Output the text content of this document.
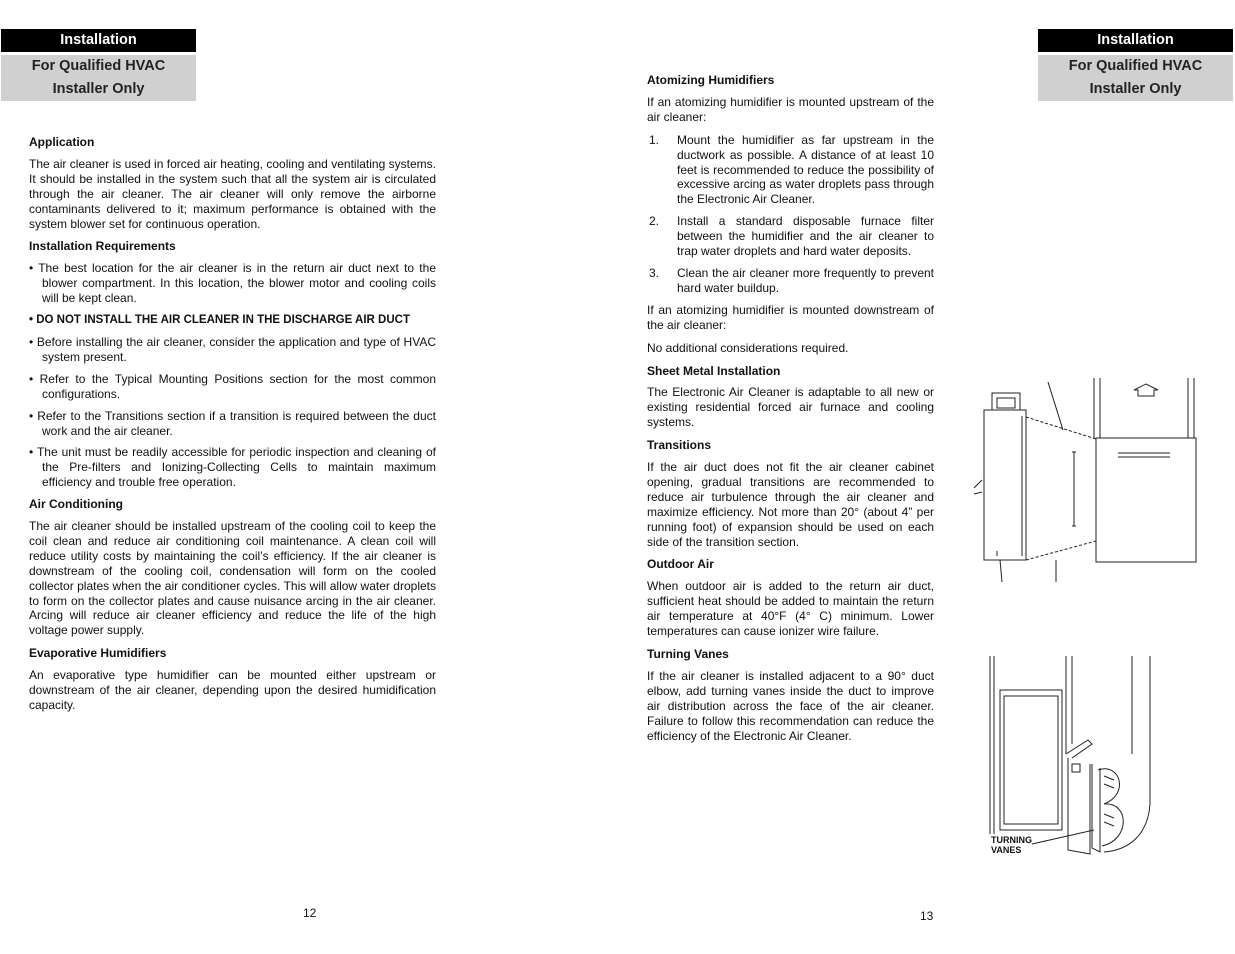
Installation
For Qualified HVAC
Installer Only
Installation
For Qualified HVAC
Installer Only
Application

The air cleaner is used in forced air heating, cooling and ventilating systems. It should be installed in the system such that all the system air is circulated through the air cleaner. The air cleaner will only remove the airborne contaminants delivered to it; maximum performance is obtained with the system blower set for continuous operation.

Installation Requirements
• The best location for the air cleaner is in the return air duct next to the blower compartment. In this location, the blower motor and cooling coils will be kept clean.
• DO NOT INSTALL THE AIR CLEANER IN THE DISCHARGE AIR DUCT
• Before installing the air cleaner, consider the application and type of HVAC system present.
• Refer to the Typical Mounting Positions section for the most common configurations.
• Refer to the Transitions section if a transition is required between the duct work and the air cleaner.
• The unit must be readily accessible for periodic inspection and cleaning of the Pre-filters and Ionizing-Collecting Cells to maintain maximum efficiency and trouble free operation.
Air Conditioning

The air cleaner should be installed upstream of the cooling coil to keep the coil clean and reduce air conditioning coil maintenance. A clean coil will reduce utility costs by maintaining the coil’s efficiency. If the air cleaner is downstream of the cooling coil, condensation will form on the cooled collector plates when the air conditioner cycles. This will allow water droplets to form on the collector plates and cause nuisance arcing in the air cleaner. Arcing will reduce air cleaner efficiency and reduce the life of the high voltage power supply.

Evaporative Humidifiers

An evaporative type humidifier can be mounted either upstream or downstream of the air cleaner, depending upon the desired humidification capacity.

12
Atomizing Humidifiers

If an atomizing humidifier is mounted upstream of the air cleaner:

1. Mount the humidifier as far upstream in the ductwork as possible. A distance of at least 10 feet is recommended to reduce the possibility of excessive arcing as water droplets pass through the Electronic Air Cleaner.
2. Install a standard disposable furnace filter between the humidifier and the air cleaner to trap water droplets and hard water deposits.
3. Clean the air cleaner more frequently to prevent hard water buildup.

If an atomizing humidifier is mounted downstream of the air cleaner:

No additional considerations required.

Sheet Metal Installation

The Electronic Air Cleaner is adaptable to all new or existing residential forced air furnace and cooling systems.

Transitions

If the air duct does not fit the air cleaner cabinet opening, gradual transitions are recommended to reduce air turbulence through the air cleaner and maximize efficiency. Not more than 20° (about 4” per running foot) of expansion should be used on each side of the transition section.

Outdoor Air

When outdoor air is added to the return air duct, sufficient heat should be added to maintain the return air temperature at 40°F (4° C) minimum. Lower temperatures can cause ionizer wire failure.

Turning Vanes

If the air cleaner is installed adjacent to a 90° duct elbow, add turning vanes inside the duct to improve air distribution across the face of the air cleaner. Failure to follow this recommendation can reduce the efficiency of the Electronic Air Cleaner.

13
TURNING
VANES
